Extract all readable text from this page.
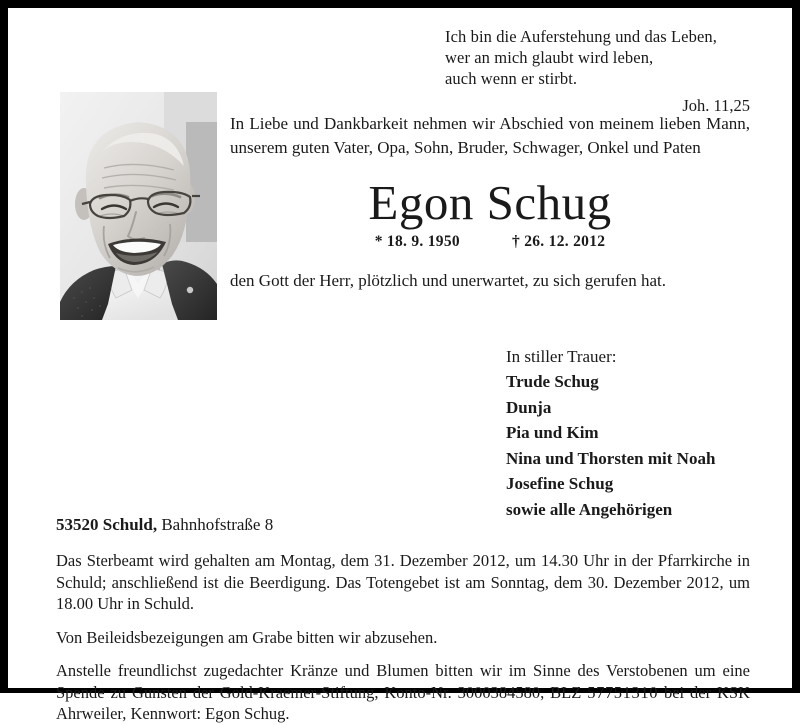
Ich bin die Auferstehung und das Leben,
wer an mich glaubt wird leben,
auch wenn er stirbt.
Joh. 11,25
In Liebe und Dankbarkeit nehmen wir Abschied von meinem lieben Mann, unserem guten Vater, Opa, Sohn, Bruder, Schwager, Onkel und Paten
Egon Schug
* 18. 9. 1950	† 26. 12. 2012
den Gott der Herr, plötzlich und unerwartet, zu sich gerufen hat.
In stiller Trauer:
Trude Schug
Dunja
Pia und Kim
Nina und Thorsten mit Noah
Josefine Schug
sowie alle Angehörigen
53520 Schuld, Bahnhofstraße 8
Das Sterbeamt wird gehalten am Montag, dem 31. Dezember 2012, um 14.30 Uhr in der Pfarrkirche in Schuld; anschließend ist die Beerdigung. Das Totengebet ist am Sonntag, dem 30. Dezember 2012, um 18.00 Uhr in Schuld.
Von Beileidsbezeigungen am Grabe bitten wir abzusehen.
Anstelle freundlichst zugedachter Kränze und Blumen bitten wir im Sinne des Verstobenen um eine Spende zu Gunsten der Gold-Kraemer-Stiftung, Konto-Nr. 3000384580, BLZ 57751310 bei der KSK Ahrweiler, Kennwort: Egon Schug.
